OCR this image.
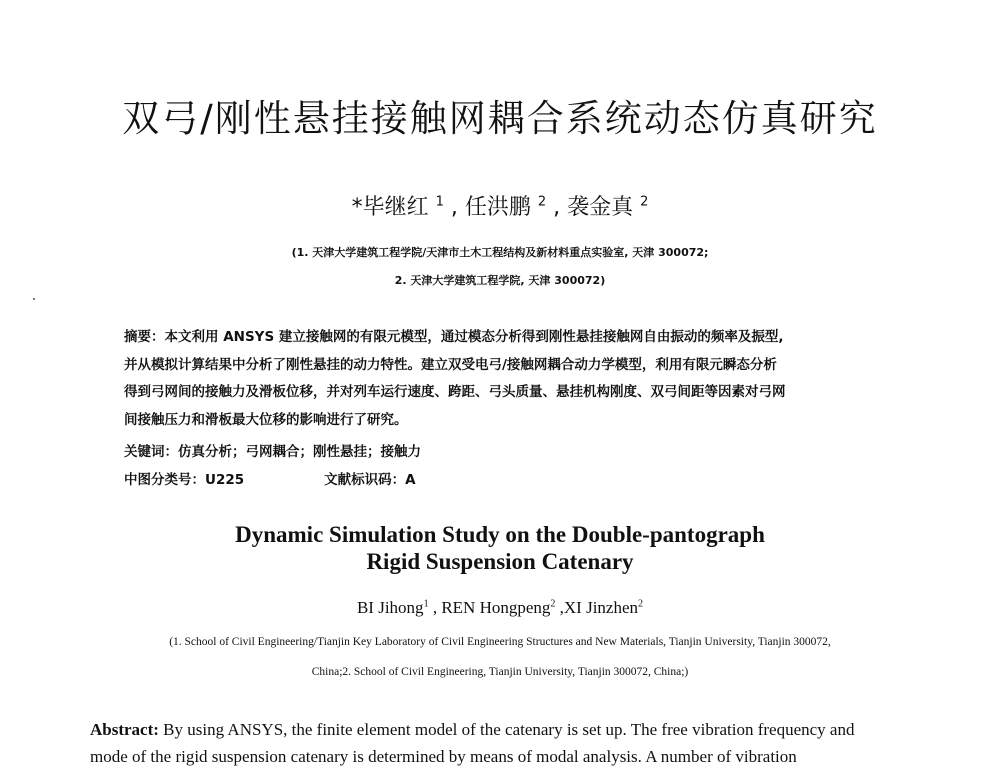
双弓/刚性悬挂接触网耦合系统动态仿真研究
*毕继红 $^1$ , 任洪鹏 $^2$ , 袭金真 $^2$
(1. 天津大学建筑工程学院/天津市土木工程结构及新材料重点实验室, 天津 300072;
2. 天津大学建筑工程学院, 天津 300072)
摘要：本文利用 ANSYS 建立接触网的有限元模型，通过模态分析得到刚性悬挂接触网自由振动的频率及振型,
并从模拟计算结果中分析了刚性悬挂的动力特性。建立双受电弓/接触网耦合动力学模型，利用有限元瞬态分析
得到弓网间的接触力及滑板位移，并对列车运行速度、跨距、弓头质量、悬挂机构刚度、双弓间距等因素对弓网
间接触压力和滑板最大位移的影响进行了研究。
关键词：仿真分析；弓网耦合；刚性悬挂；接触力
中图分类号：U225	文献标识码：A
Dynamic Simulation Study on the Double-pantograph
Rigid Suspension Catenary
BI Jihong$^1$ , REN Hongpeng$^2$ ,XI Jinzhen$^2$
(1. School of Civil Engineering/Tianjin Key Laboratory of Civil Engineering Structures and New Materials, Tianjin University, Tianjin 300072,
China;2. School of Civil Engineering, Tianjin University, Tianjin 300072, China;)
Abstract: By using ANSYS, the finite element model of the catenary is set up. The free vibration frequency and
mode of the rigid suspension catenary is determined by means of modal analysis. A number of vibration
